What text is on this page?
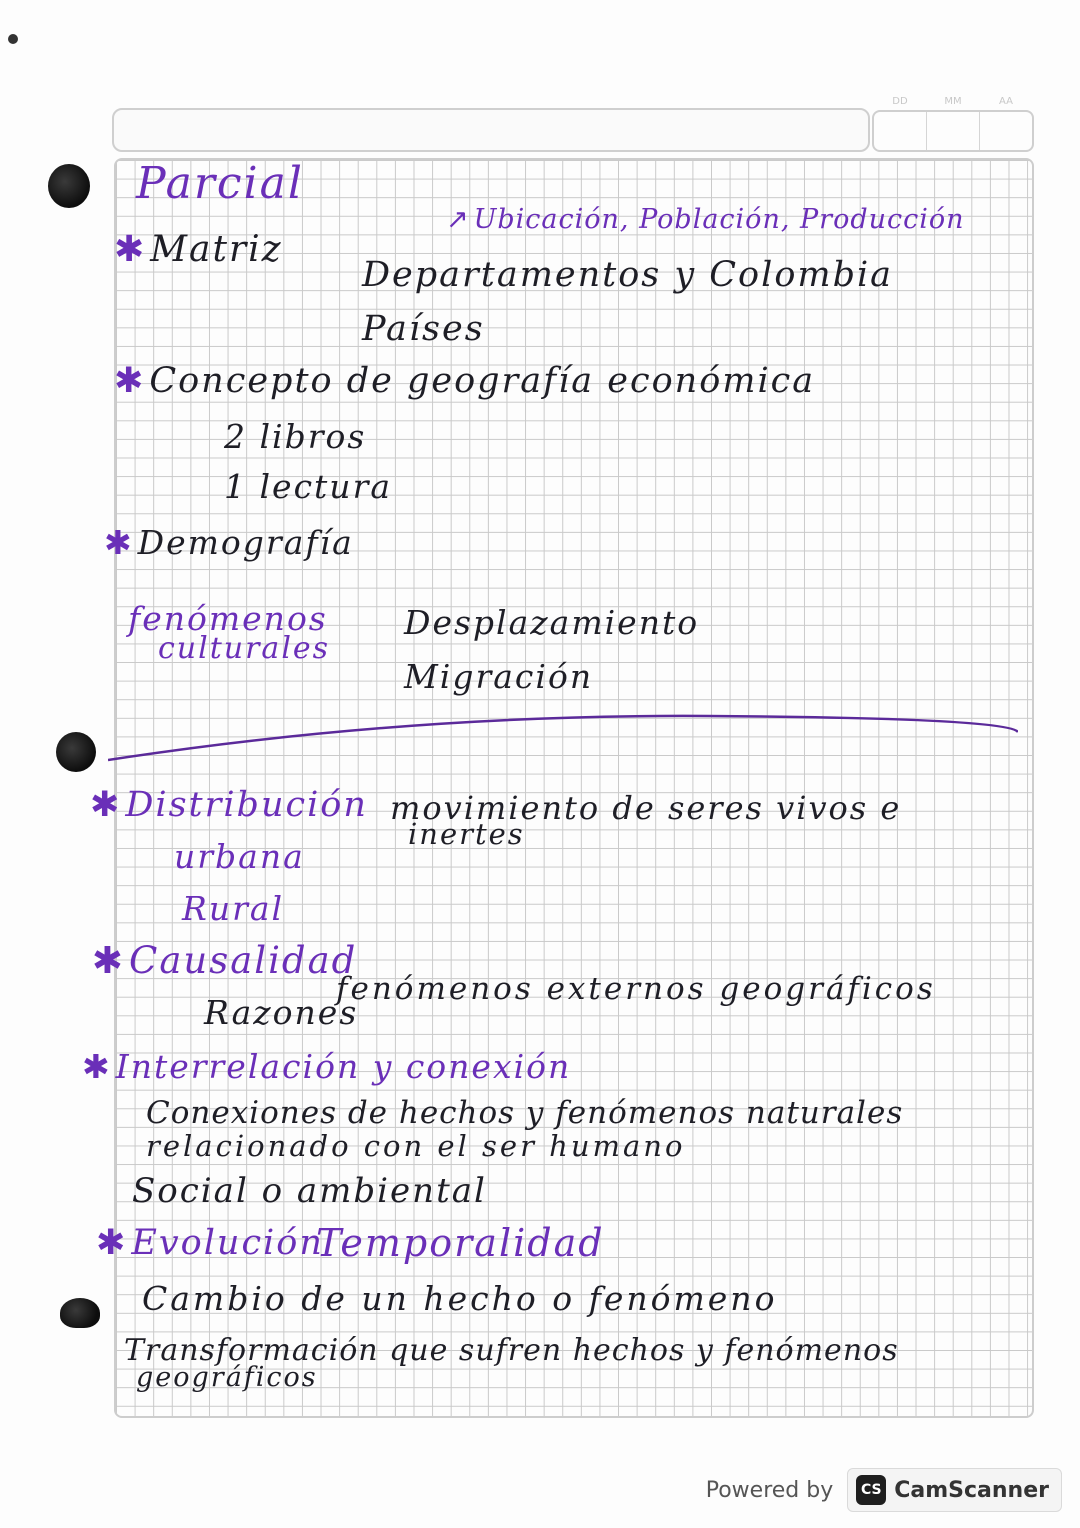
DD	MM	AA
Parcial
✱ Matriz
↗ Ubicación, Población, Producción
Departamentos y Colombia
Países
✱ Concepto de geografía económica
2 libros
1 lectura
✱ Demografía
fenómenos
culturales
Desplazamiento
Migración
✱ Distribución movimiento de seres vivos e
inertes
urbana
Rural
✱ Causalidad
Razones
fenómenos externos geográficos
✱ Interrelación y conexión
Conexiones de hechos y fenómenos naturales
relacionado con el ser humano
Social o ambiental
✱ Evolución
Temporalidad
Cambio de un hecho o fenómeno
Transformación que sufren hechos y fenómenos
geográficos
Powered by	CS CamScanner
